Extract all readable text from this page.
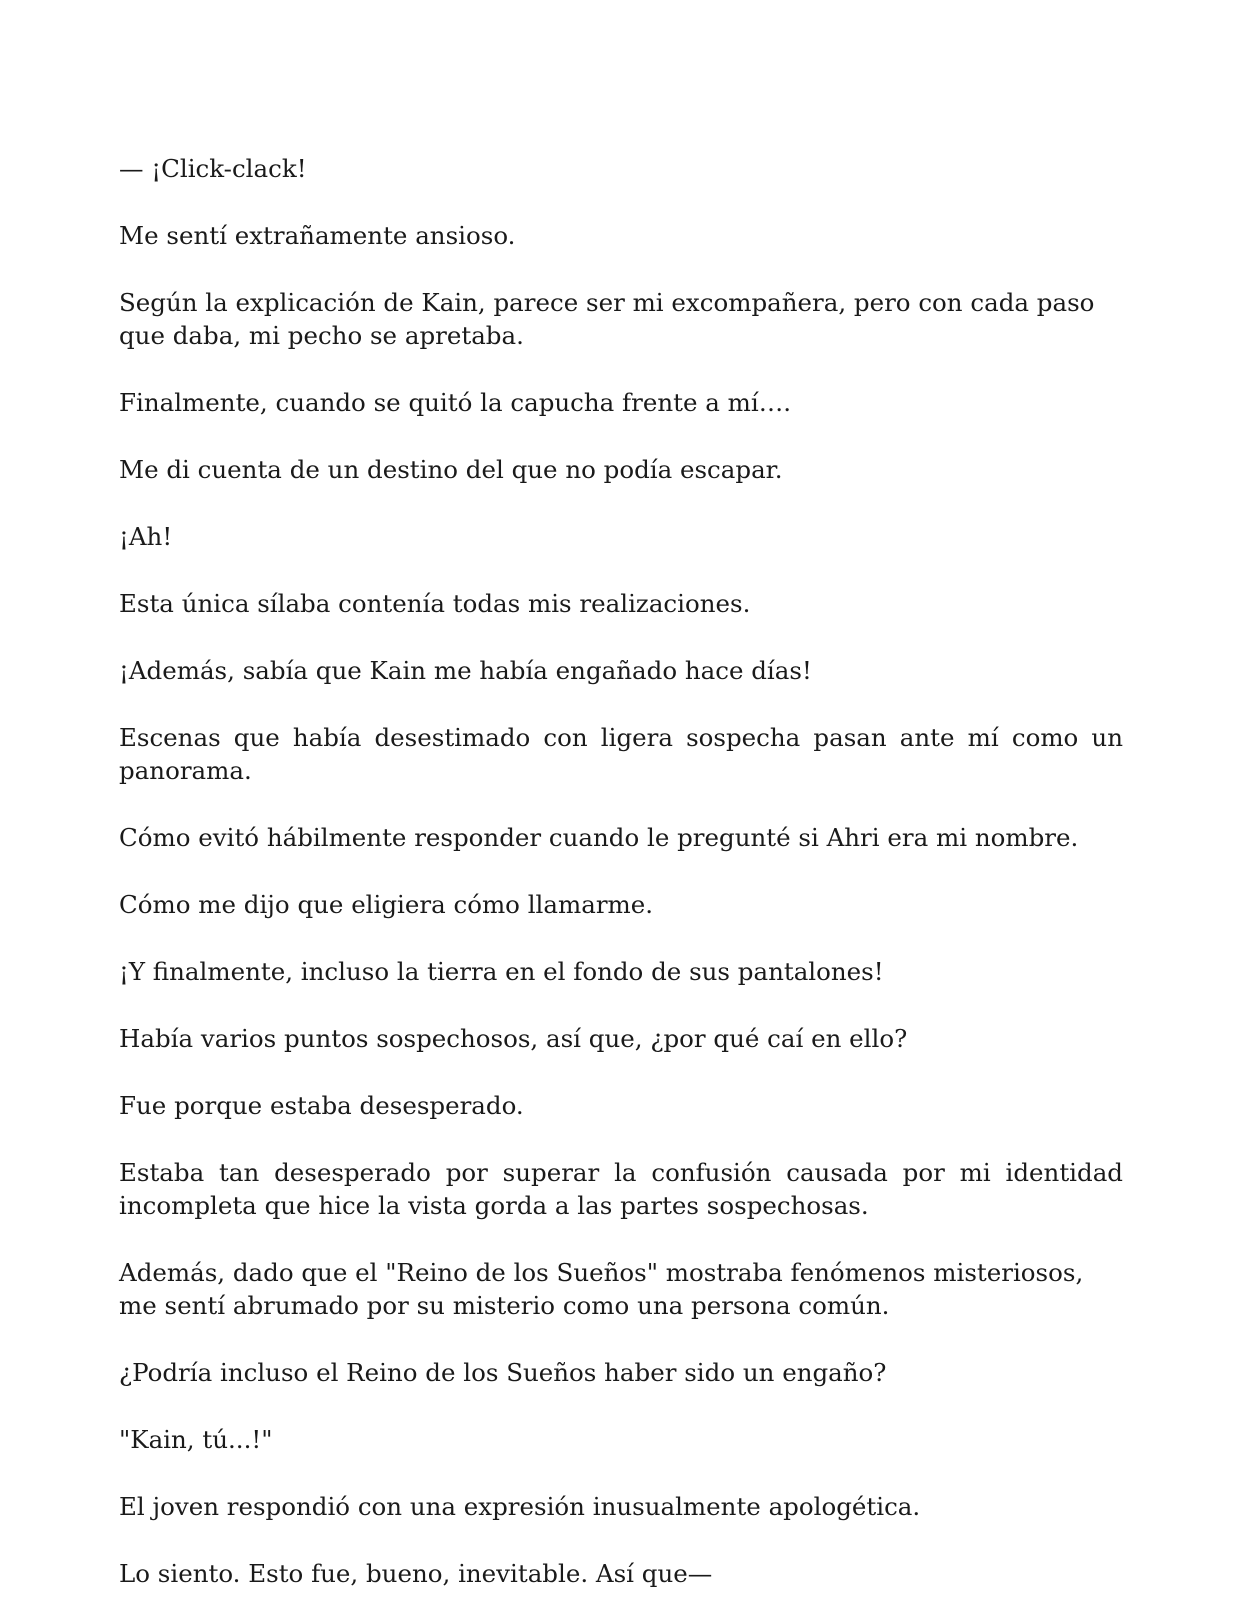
— ¡Click-clack!

Me sentí extrañamente ansioso.

Según la explicación de Kain, parece ser mi excompañera, pero con cada paso que daba, mi pecho se apretaba.

Finalmente, cuando se quitó la capucha frente a mí….

Me di cuenta de un destino del que no podía escapar.

¡Ah!

Esta única sílaba contenía todas mis realizaciones.

¡Además, sabía que Kain me había engañado hace días!

Escenas que había desestimado con ligera sospecha pasan ante mí como un panorama.

Cómo evitó hábilmente responder cuando le pregunté si Ahri era mi nombre.

Cómo me dijo que eligiera cómo llamarme.

¡Y finalmente, incluso la tierra en el fondo de sus pantalones!

Había varios puntos sospechosos, así que, ¿por qué caí en ello?

Fue porque estaba desesperado.

Estaba tan desesperado por superar la confusión causada por mi identidad incompleta que hice la vista gorda a las partes sospechosas.

Además, dado que el "Reino de los Sueños" mostraba fenómenos misteriosos, me sentí abrumado por su misterio como una persona común.

¿Podría incluso el Reino de los Sueños haber sido un engaño?

"Kain, tú...!"

El joven respondió con una expresión inusualmente apologética.

Lo siento. Esto fue, bueno, inevitable. Así que—
